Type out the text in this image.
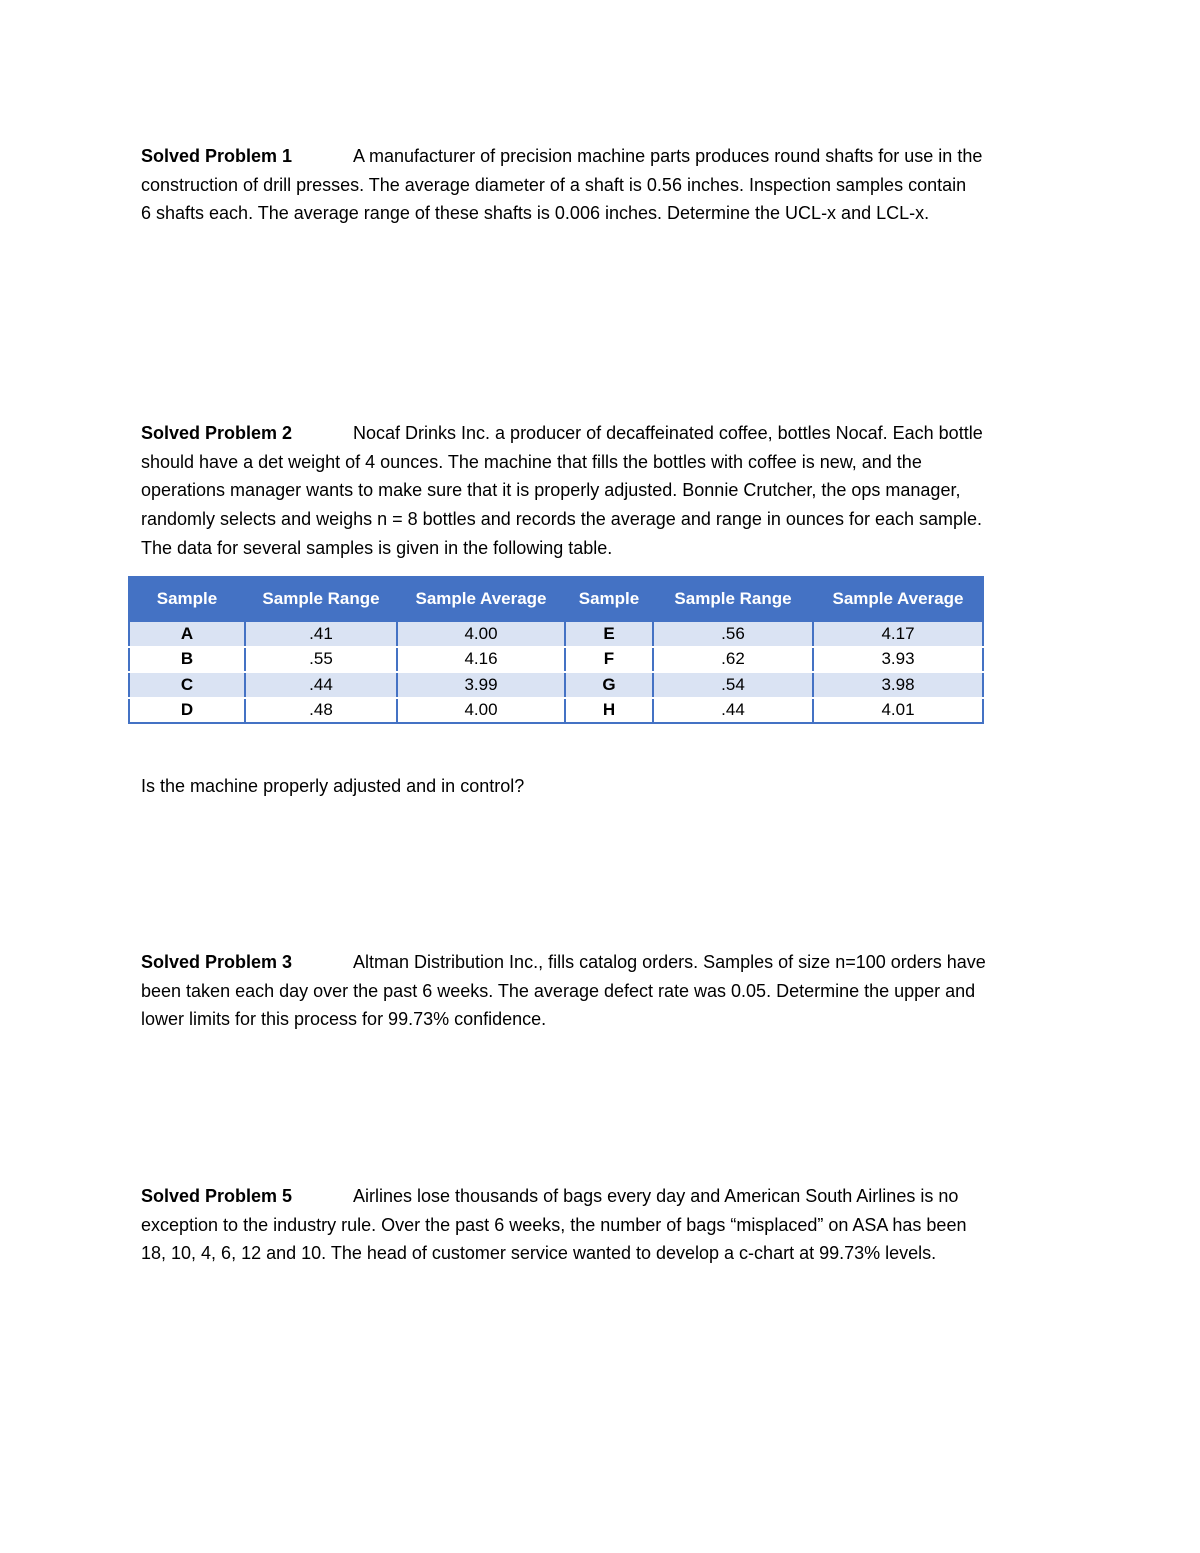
Solved Problem 1	A manufacturer of precision machine parts produces round shafts for use in the
construction of drill presses. The average diameter of a shaft is 0.56 inches. Inspection samples contain
6 shafts each. The average range of these shafts is 0.006 inches. Determine the UCL-x and LCL-x.
Solved Problem 2	Nocaf Drinks Inc. a producer of decaffeinated coffee, bottles Nocaf. Each bottle
should have a det weight of 4 ounces. The machine that fills the bottles with coffee is new, and the
operations manager wants to make sure that it is properly adjusted. Bonnie Crutcher, the ops manager,
randomly selects and weighs n = 8 bottles and records the average and range in ounces for each sample.
The data for several samples is given in the following table.
Sample	Sample Range	Sample Average	Sample	Sample Range	Sample Average
A	.41	4.00	E	.56	4.17
B	.55	4.16	F	.62	3.93
C	.44	3.99	G	.54	3.98
D	.48	4.00	H	.44	4.01
Is the machine properly adjusted and in control?
Solved Problem 3	Altman Distribution Inc., fills catalog orders. Samples of size n=100 orders have
been taken each day over the past 6 weeks. The average defect rate was 0.05. Determine the upper and
lower limits for this process for 99.73% confidence.
Solved Problem 5	Airlines lose thousands of bags every day and American South Airlines is no
exception to the industry rule. Over the past 6 weeks, the number of bags “misplaced” on ASA has been
18, 10, 4, 6, 12 and 10. The head of customer service wanted to develop a c-chart at 99.73% levels.
